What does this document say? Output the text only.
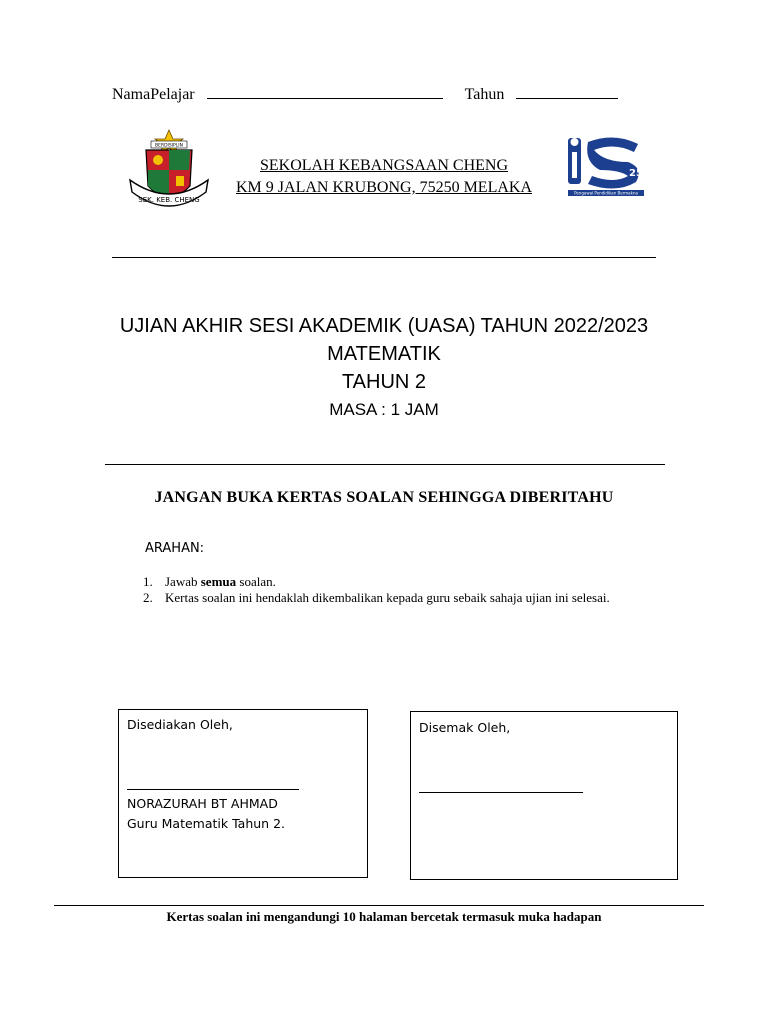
NamaPelajar	Tahun
SEK. KEB. CHENG
BERDISIPLIN
SEKOLAH KEBANGSAAN CHENG
KM 9 JALAN KRUBONG, 75250 MELAKA
25
Pengawai Pendidikan Bermakna
UJIAN AKHIR SESI AKADEMIK (UASA) TAHUN 2022/2023
MATEMATIK
TAHUN 2
MASA : 1 JAM
JANGAN BUKA KERTAS SOALAN SEHINGGA DIBERITAHU
ARAHAN:
1. Jawab semua soalan.
2. Kertas soalan ini hendaklah dikembalikan kepada guru sebaik sahaja ujian ini selesai.
Disediakan Oleh,
NORAZURAH BT AHMAD
Guru Matematik Tahun 2.
Disemak Oleh,
Kertas soalan ini mengandungi 10 halaman bercetak termasuk muka hadapan
